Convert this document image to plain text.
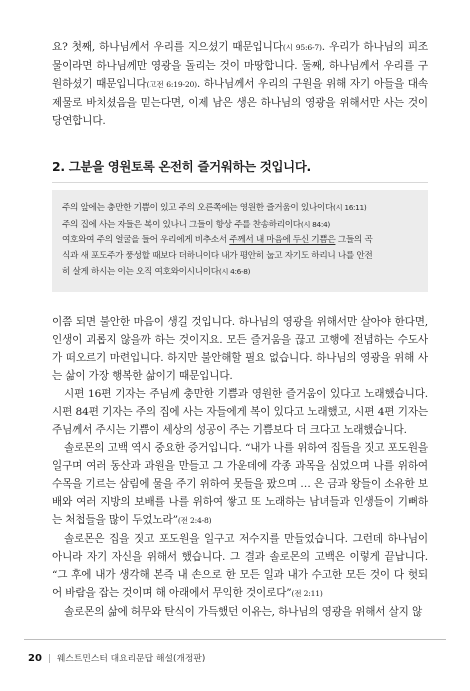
요? 첫째, 하나님께서 우리를 지으셨기 때문입니다(시 95:6-7). 우리가 하나님의 피조물이라면 하나님께만 영광을 돌리는 것이 마땅합니다. 둘째, 하나님께서 우리를 구원하셨기 때문입니다(고전 6:19-20). 하나님께서 우리의 구원을 위해 자기 아들을 대속제물로 바치셨음을 믿는다면, 이제 남은 생은 하나님의 영광을 위해서만 사는 것이 당연합니다.

2. 그분을 영원토록 온전히 즐거워하는 것입니다.

주의 앞에는 충만한 기쁨이 있고 주의 오른쪽에는 영원한 즐거움이 있나이다(시 16:11)

주의 집에 사는 자들은 복이 있나니 그들이 항상 주를 찬송하리이다(시 84:4)

여호와여 주의 얼굴을 들어 우리에게 비추소서 주께서 내 마음에 두신 기쁨은 그들의 곡

식과 새 포도주가 풍성할 때보다 더하니이다 내가 평안히 눕고 자기도 하리니 나를 안전

히 살게 하시는 이는 오직 여호와이시니이다(시 4:6-8)

이쯤 되면 불안한 마음이 생길 것입니다. 하나님의 영광을 위해서만 살아야 한다면, 인생이 괴롭지 않을까 하는 것이지요. 모든 즐거움을 끊고 고행에 전념하는 수도사가 떠오르기 마련입니다. 하지만 불안해할 필요 없습니다. 하나님의 영광을 위해 사는 삶이 가장 행복한 삶이기 때문입니다.

시편 16편 기자는 주님께 충만한 기쁨과 영원한 즐거움이 있다고 노래했습니다. 시편 84편 기자는 주의 집에 사는 자들에게 복이 있다고 노래했고, 시편 4편 기자는 주님께서 주시는 기쁨이 세상의 성공이 주는 기쁨보다 더 크다고 노래했습니다.

솔로몬의 고백 역시 중요한 증거입니다. “내가 나를 위하여 집들을 짓고 포도원을 일구며 여러 동산과 과원을 만들고 그 가운데에 각종 과목을 심었으며 나를 위하여 수목을 기르는 삼림에 물을 주기 위하여 못들을 팠으며 … 은 금과 왕들이 소유한 보배와 여러 지방의 보배를 나를 위하여 쌓고 또 노래하는 남녀들과 인생들이 기뻐하는 처첩들을 많이 두었노라”(전 2:4-8)

솔로몬은 집을 짓고 포도원을 일구고 저수지를 만들었습니다. 그런데 하나님이 아니라 자기 자신을 위해서 했습니다. 그 결과 솔로몬의 고백은 이렇게 끝납니다. “그 후에 내가 생각해 본즉 내 손으로 한 모든 일과 내가 수고한 모든 것이 다 헛되어 바람을 잡는 것이며 해 아래에서 무익한 것이로다”(전 2:11)

솔로몬의 삶에 허무와 탄식이 가득했던 이유는, 하나님의 영광을 위해서 살지 않

20 | 웨스트민스터 대요리문답 해설(개정판)
